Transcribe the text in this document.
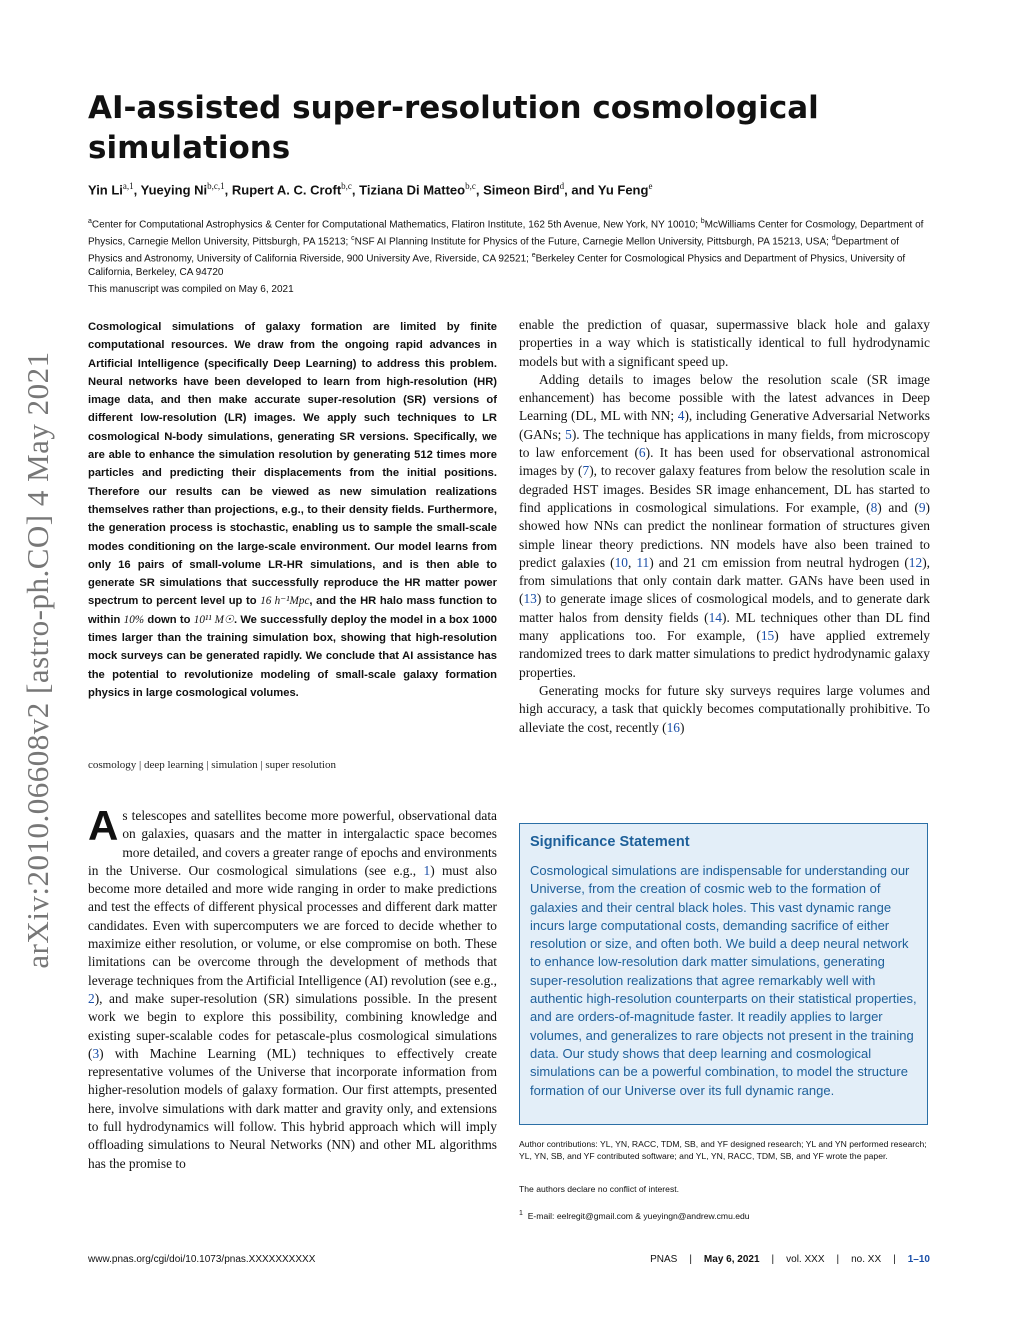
arXiv:2010.06608v2 [astro-ph.CO] 4 May 2021
AI-assisted super-resolution cosmological simulations
Yin Li$^{a,1}$, Yueying Ni$^{b,c,1}$, Rupert A. C. Croft$^{b,c}$, Tiziana Di Matteo$^{b,c}$, Simeon Bird$^d$, and Yu Feng$^e$
$^a$Center for Computational Astrophysics & Center for Computational Mathematics, Flatiron Institute, 162 5th Avenue, New York, NY 10010; $^b$McWilliams Center for Cosmology, Department of Physics, Carnegie Mellon University, Pittsburgh, PA 15213; $^c$NSF AI Planning Institute for Physics of the Future, Carnegie Mellon University, Pittsburgh, PA 15213, USA; $^d$Department of Physics and Astronomy, University of California Riverside, 900 University Ave, Riverside, CA 92521; $^e$Berkeley Center for Cosmological Physics and Department of Physics, University of California, Berkeley, CA 94720
This manuscript was compiled on May 6, 2021
Cosmological simulations of galaxy formation are limited by finite computational resources. We draw from the ongoing rapid advances in Artificial Intelligence (specifically Deep Learning) to address this problem. Neural networks have been developed to learn from high-resolution (HR) image data, and then make accurate super-resolution (SR) versions of different low-resolution (LR) images. We apply such techniques to LR cosmological N-body simulations, generating SR versions. Specifically, we are able to enhance the simulation resolution by generating 512 times more particles and predicting their displacements from the initial positions. Therefore our results can be viewed as new simulation realizations themselves rather than projections, e.g., to their density fields. Furthermore, the generation process is stochastic, enabling us to sample the small-scale modes conditioning on the large-scale environment. Our model learns from only 16 pairs of small-volume LR-HR simulations, and is then able to generate SR simulations that successfully reproduce the HR matter power spectrum to percent level up to 16 h⁻¹Mpc, and the HR halo mass function to within 10% down to 10¹¹ M☉. We successfully deploy the model in a box 1000 times larger than the training simulation box, showing that high-resolution mock surveys can be generated rapidly. We conclude that AI assistance has the potential to revolutionize modeling of small-scale galaxy formation physics in large cosmological volumes.
cosmology | deep learning | simulation | super resolution
As telescopes and satellites become more powerful, observational data on galaxies, quasars and the matter in intergalactic space becomes more detailed, and covers a greater range of epochs and environments in the Universe. Our cosmological simulations (see e.g., 1) must also become more detailed and more wide ranging in order to make predictions and test the effects of different physical processes and different dark matter candidates. Even with supercomputers we are forced to decide whether to maximize either resolution, or volume, or else compromise on both. These limitations can be overcome through the development of methods that leverage techniques from the Artificial Intelligence (AI) revolution (see e.g., 2), and make super-resolution (SR) simulations possible. In the present work we begin to explore this possibility, combining knowledge and existing super-scalable codes for petascale-plus cosmological simulations (3) with Machine Learning (ML) techniques to effectively create representative volumes of the Universe that incorporate information from higher-resolution models of galaxy formation. Our first attempts, presented here, involve simulations with dark matter and gravity only, and extensions to full hydrodynamics will follow. This hybrid approach which will imply offloading simulations to Neural Networks (NN) and other ML algorithms has the promise to

enable the prediction of quasar, supermassive black hole and galaxy properties in a way which is statistically identical to full hydrodynamic models but with a significant speed up.

Adding details to images below the resolution scale (SR image enhancement) has become possible with the latest advances in Deep Learning (DL, ML with NN; 4), including Generative Adversarial Networks (GANs; 5). The technique has applications in many fields, from microscopy to law enforcement (6). It has been used for observational astronomical images by (7), to recover galaxy features from below the resolution scale in degraded HST images. Besides SR image enhancement, DL has started to find applications in cosmological simulations. For example, (8) and (9) showed how NNs can predict the nonlinear formation of structures given simple linear theory predictions. NN models have also been trained to predict galaxies (10, 11) and 21 cm emission from neutral hydrogen (12), from simulations that only contain dark matter. GANs have been used in (13) to generate image slices of cosmological models, and to generate dark matter halos from density fields (14). ML techniques other than DL find many applications too. For example, (15) have applied extremely randomized trees to dark matter simulations to predict hydrodynamic galaxy properties.

Generating mocks for future sky surveys requires large volumes and high accuracy, a task that quickly becomes computationally prohibitive. To alleviate the cost, recently (16)

Significance Statement
Cosmological simulations are indispensable for understanding our Universe, from the creation of cosmic web to the formation of galaxies and their central black holes. This vast dynamic range incurs large computational costs, demanding sacrifice of either resolution or size, and often both. We build a deep neural network to enhance low-resolution dark matter simulations, generating super-resolution realizations that agree remarkably well with authentic high-resolution counterparts on their statistical properties, and are orders-of-magnitude faster. It readily applies to larger volumes, and generalizes to rare objects not present in the training data. Our study shows that deep learning and cosmological simulations can be a powerful combination, to model the structure formation of our Universe over its full dynamic range.
Author contributions: YL, YN, RACC, TDM, SB, and YF designed research; YL and YN performed research; YL, YN, SB, and YF contributed software; and YL, YN, RACC, TDM, SB, and YF wrote the paper.
The authors declare no conflict of interest.
$^1$ E-mail: eelregit@gmail.com & yueyingn@andrew.cmu.edu
www.pnas.org/cgi/doi/10.1073/pnas.XXXXXXXXXX	PNAS | May 6, 2021 | vol. XXX | no. XX | 1–10
